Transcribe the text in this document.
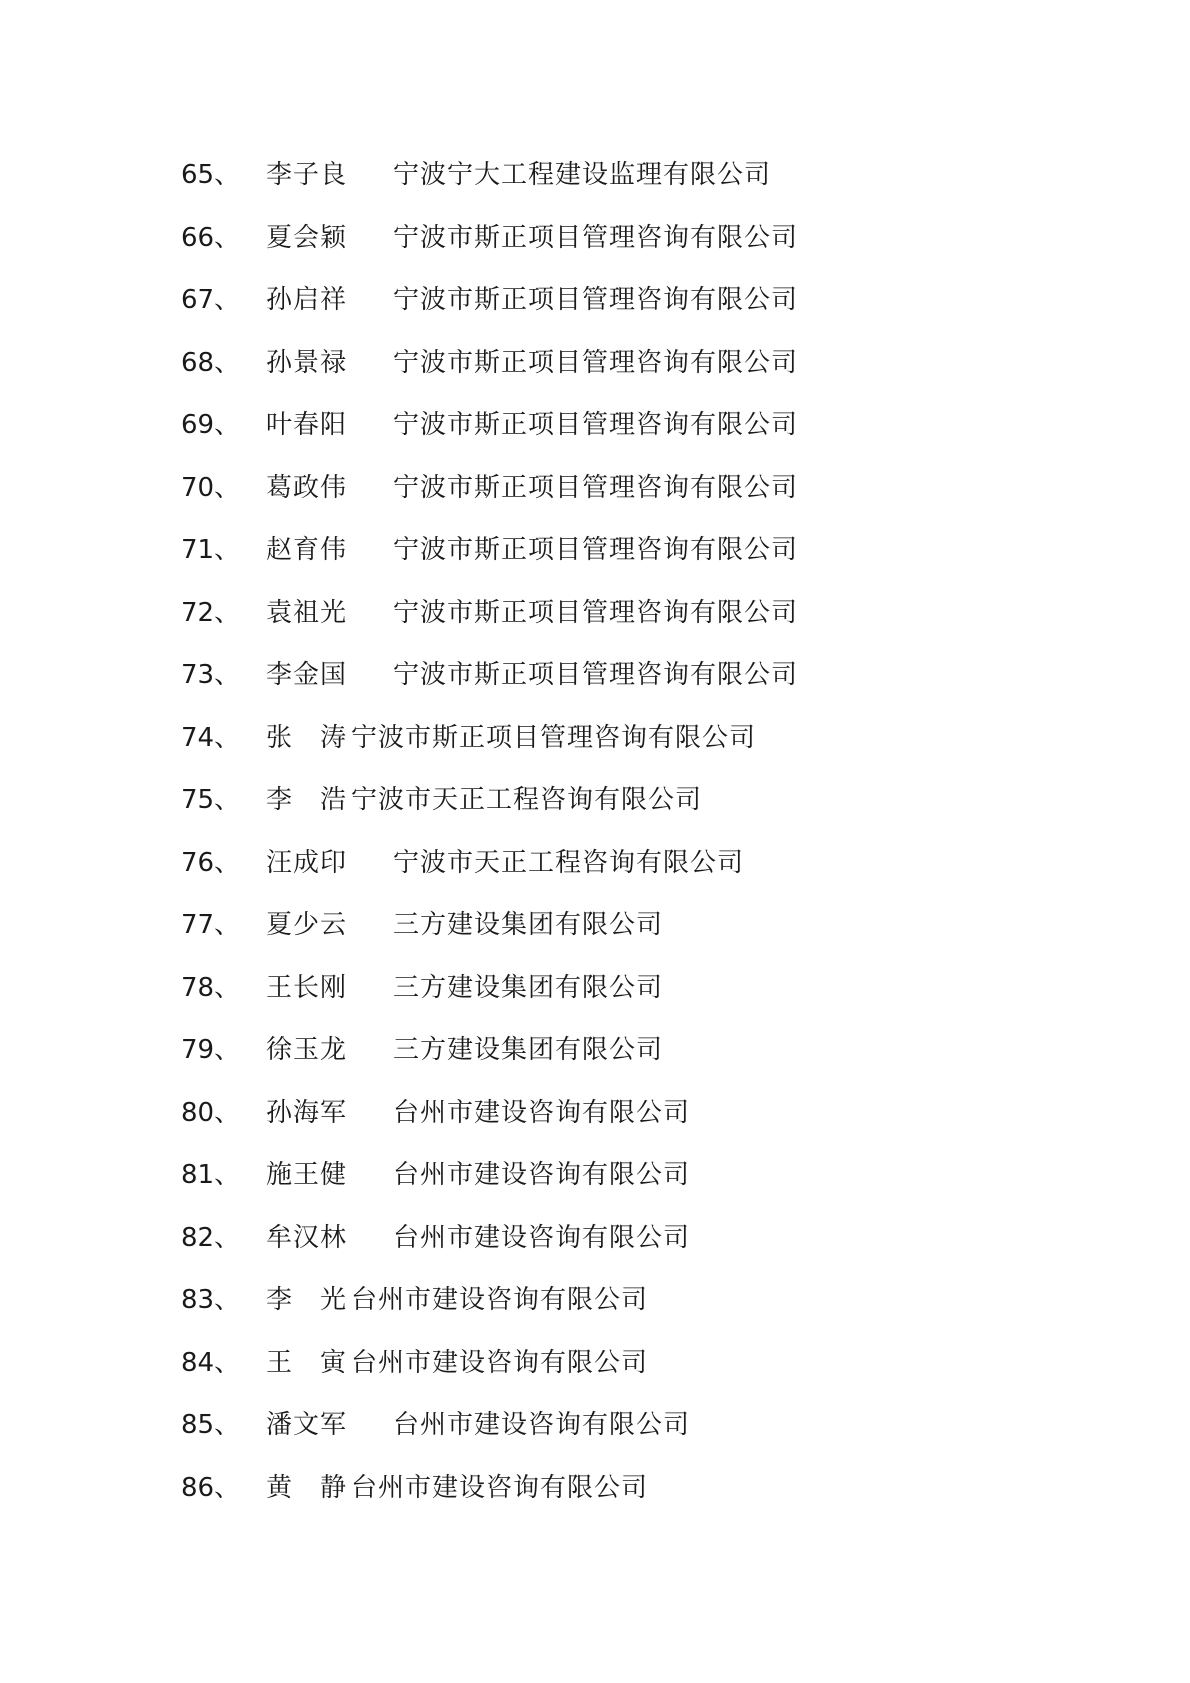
65、 李子良 宁波宁大工程建设监理有限公司
66、 夏会颖 宁波市斯正项目管理咨询有限公司
67、 孙启祥 宁波市斯正项目管理咨询有限公司
68、 孙景禄 宁波市斯正项目管理咨询有限公司
69、 叶春阳 宁波市斯正项目管理咨询有限公司
70、 葛政伟 宁波市斯正项目管理咨询有限公司
71、 赵育伟 宁波市斯正项目管理咨询有限公司
72、 袁祖光 宁波市斯正项目管理咨询有限公司
73、 李金国 宁波市斯正项目管理咨询有限公司
74、 张　涛 宁波市斯正项目管理咨询有限公司
75、 李　浩 宁波市天正工程咨询有限公司
76、 汪成印 宁波市天正工程咨询有限公司
77、 夏少云 三方建设集团有限公司
78、 王长刚 三方建设集团有限公司
79、 徐玉龙 三方建设集团有限公司
80、 孙海军 台州市建设咨询有限公司
81、 施王健 台州市建设咨询有限公司
82、 牟汉林 台州市建设咨询有限公司
83、 李　光 台州市建设咨询有限公司
84、 王　寅 台州市建设咨询有限公司
85、 潘文军 台州市建设咨询有限公司
86、 黄　静 台州市建设咨询有限公司
